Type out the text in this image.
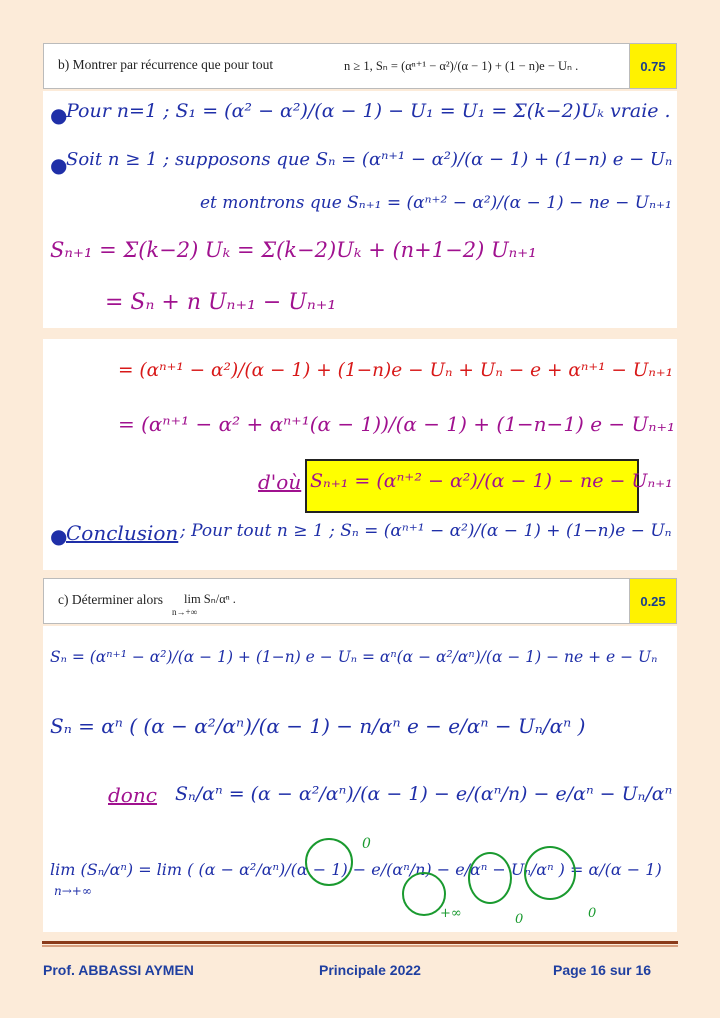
b) Montrer par récurrence que pour tout	n ≥ 1, Sₙ = (αⁿ⁺¹ − α²)/(α − 1) + (1 − n)e − Uₙ .	0.75
●
Pour n=1 ; S₁ = (α² − α²)/(α − 1) − U₁ = U₁ = Σ(k−2)Uₖ vraie .
●
Soit n ≥ 1 ; supposons que Sₙ = (αⁿ⁺¹ − α²)/(α − 1) + (1−n) e − Uₙ
et montrons que Sₙ₊₁ = (αⁿ⁺² − α²)/(α − 1) − ne − Uₙ₊₁
Sₙ₊₁ = Σ(k−2) Uₖ = Σ(k−2)Uₖ + (n+1−2) Uₙ₊₁
= Sₙ + n Uₙ₊₁ − Uₙ₊₁
= (αⁿ⁺¹ − α²)/(α − 1) + (1−n)e − Uₙ + Uₙ − e + αⁿ⁺¹ − Uₙ₊₁
= (αⁿ⁺¹ − α² + αⁿ⁺¹(α − 1))/(α − 1) + (1−n−1) e − Uₙ₊₁
d'où Sₙ₊₁ = (αⁿ⁺² − α²)/(α − 1) − ne − Uₙ₊₁
●
Conclusion ; Pour tout n ≥ 1 ; Sₙ = (αⁿ⁺¹ − α²)/(α − 1) + (1−n)e − Uₙ
c) Déterminer alors lim Sₙ/αⁿ .
n→+∞
0.25
Sₙ = (αⁿ⁺¹ − α²)/(α − 1) + (1−n) e − Uₙ = αⁿ(α − α²/αⁿ)/(α − 1) − ne + e − Uₙ
Sₙ = αⁿ ( (α − α²/αⁿ)/(α − 1) − n/αⁿ e − e/αⁿ − Uₙ/αⁿ )
donc Sₙ/αⁿ = (α − α²/αⁿ)/(α − 1) − e/(αⁿ/n) − e/αⁿ − Uₙ/αⁿ
lim (Sₙ/αⁿ) = lim ( (α − α²/αⁿ)/(α − 1) − e/(αⁿ/n) − e/αⁿ − Uₙ/αⁿ ) = α/(α − 1)
n→+∞
0
+∞	0	0
Prof. ABBASSI AYMEN	Principale 2022	Page 16 sur 16
